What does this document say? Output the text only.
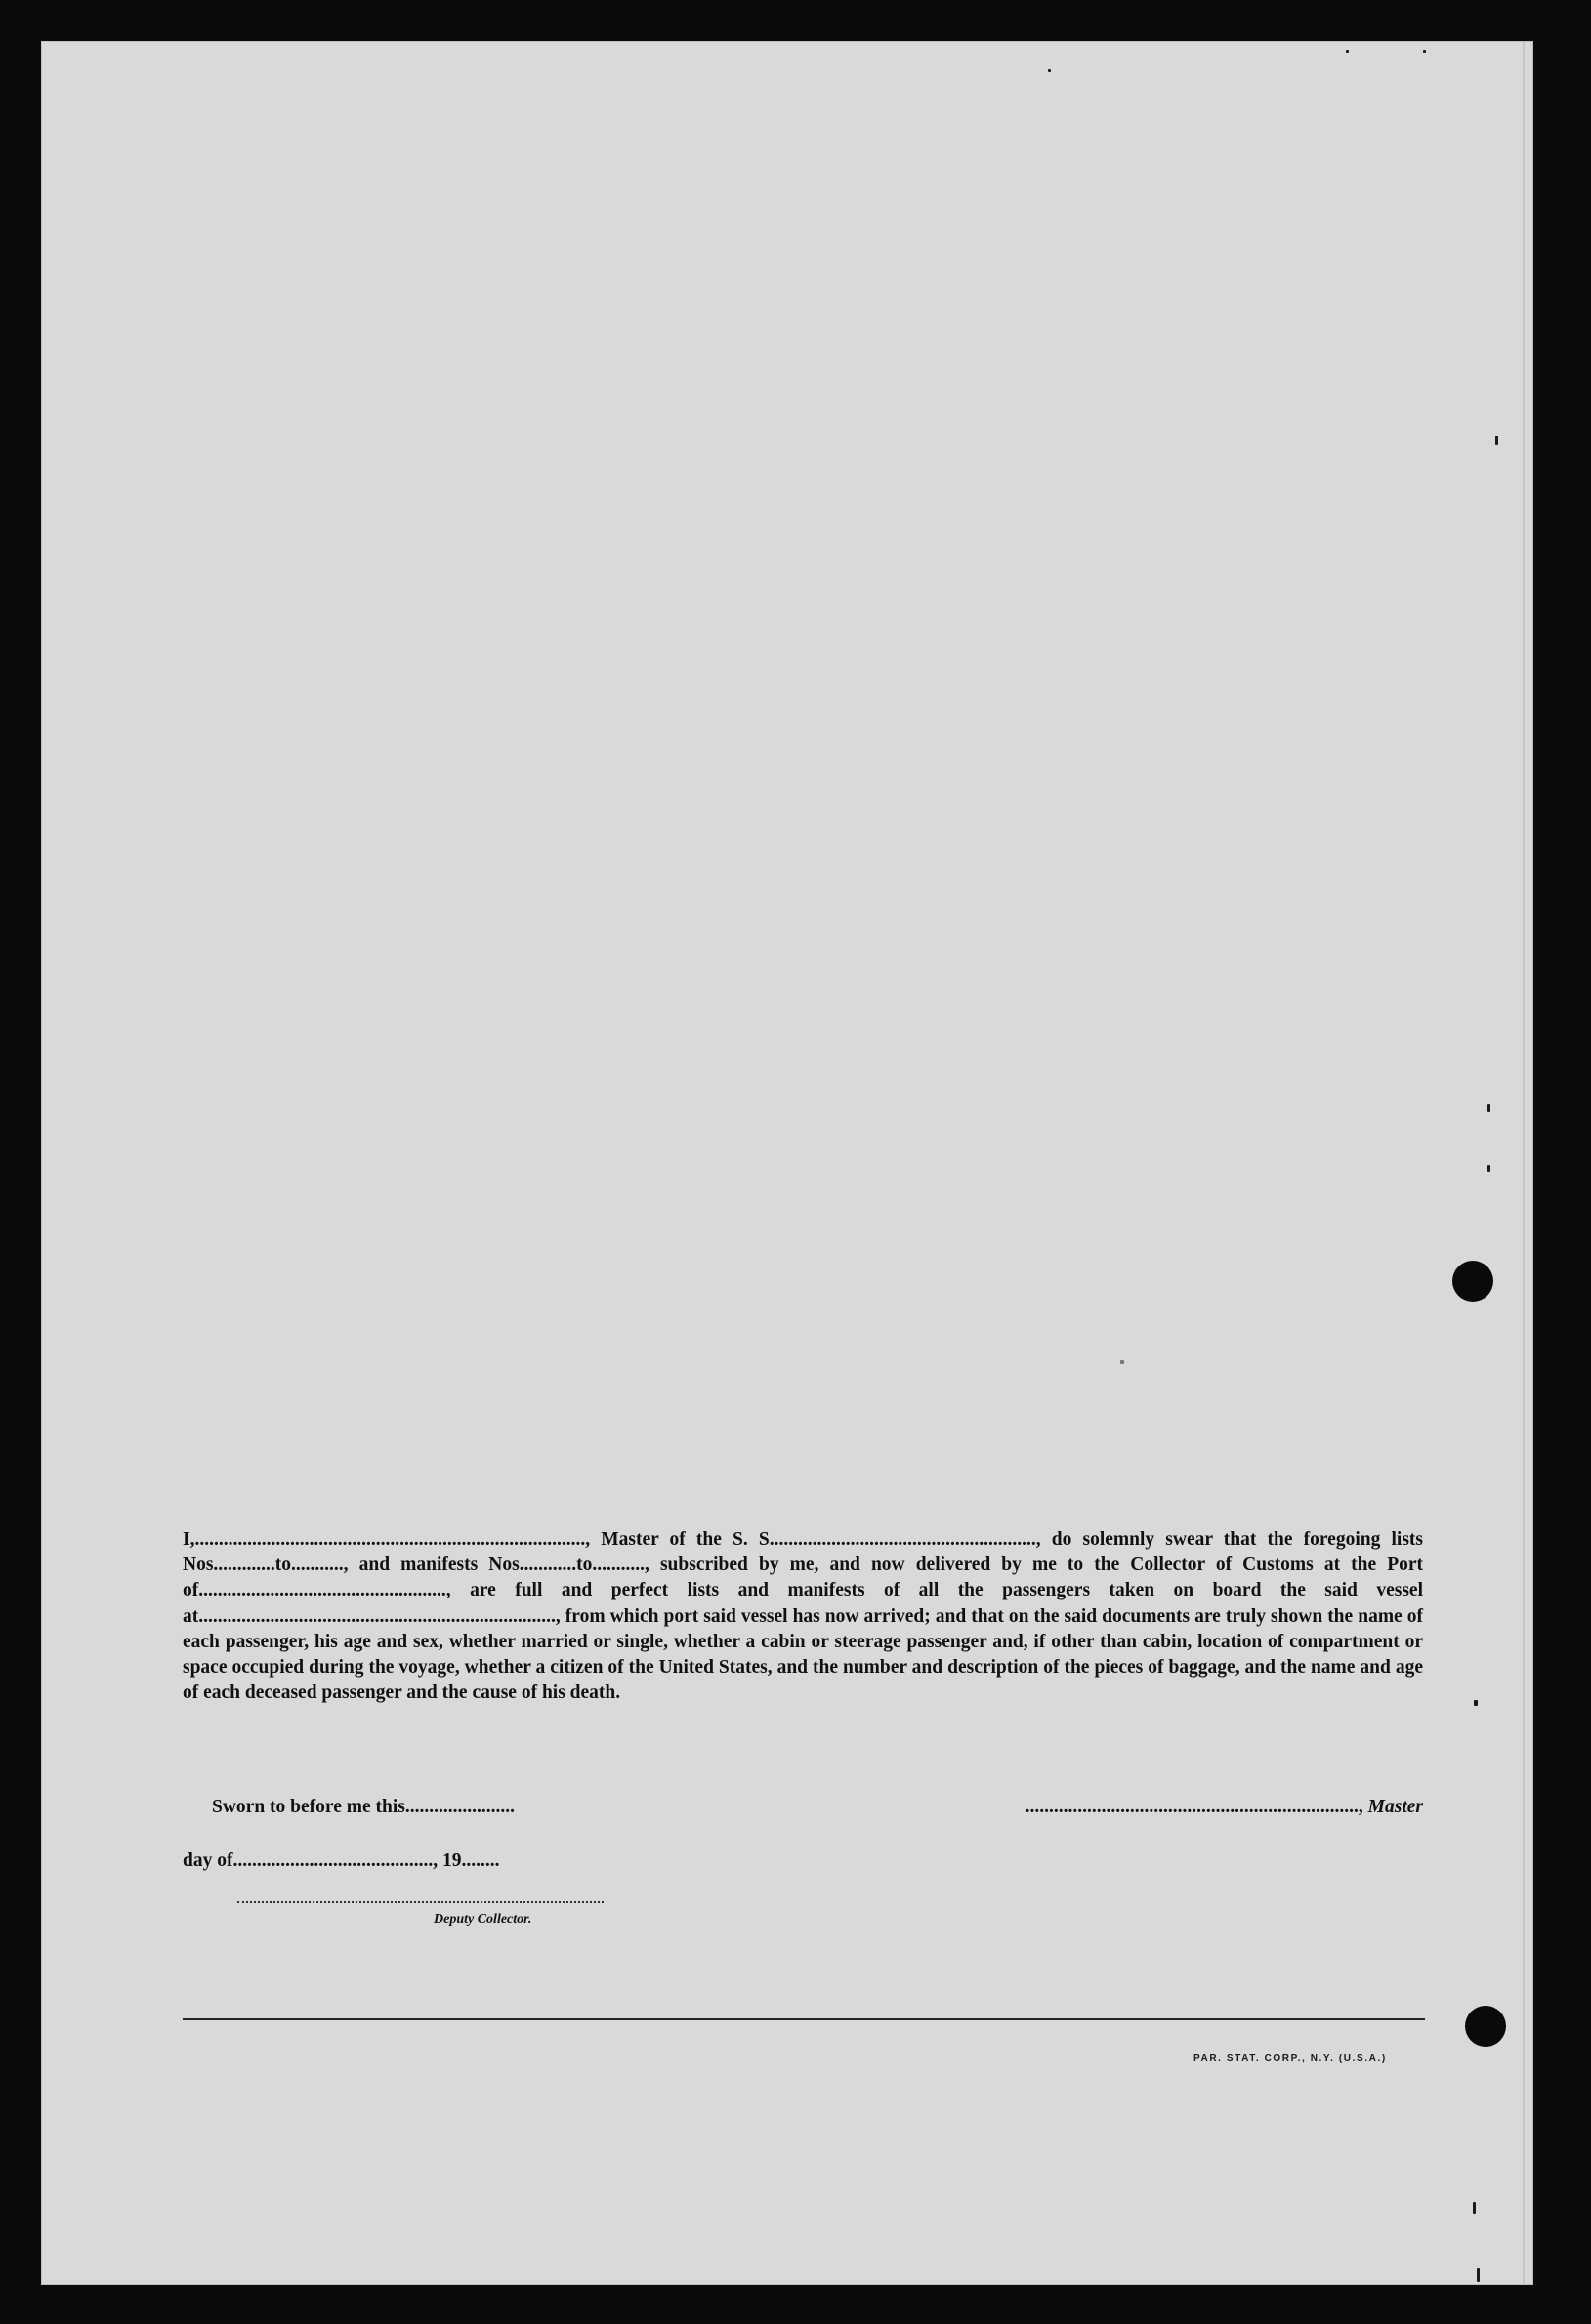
I,.................................................................................., Master of the S. S........................................................, do solemnly swear that the foregoing lists Nos.............to..........., and manifests Nos............to..........., subscribed by me, and now delivered by me to the Collector of Customs at the Port of...................................................., are full and perfect lists and manifests of all the passengers taken on board the said vessel at..........................................................................., from which port said vessel has now arrived; and that on the said documents are truly shown the name of each passenger, his age and sex, whether married or single, whether a cabin or steerage passenger and, if other than cabin, location of compartment or space occupied during the voyage, whether a citizen of the United States, and the number and description of the pieces of baggage, and the name and age of each deceased passenger and the cause of his death.

Sworn to before me this.......................	......................................................................, Master
day of.........................................., 19........
Deputy Collector.
PAR. STAT. CORP., N.Y. (U.S.A.)
